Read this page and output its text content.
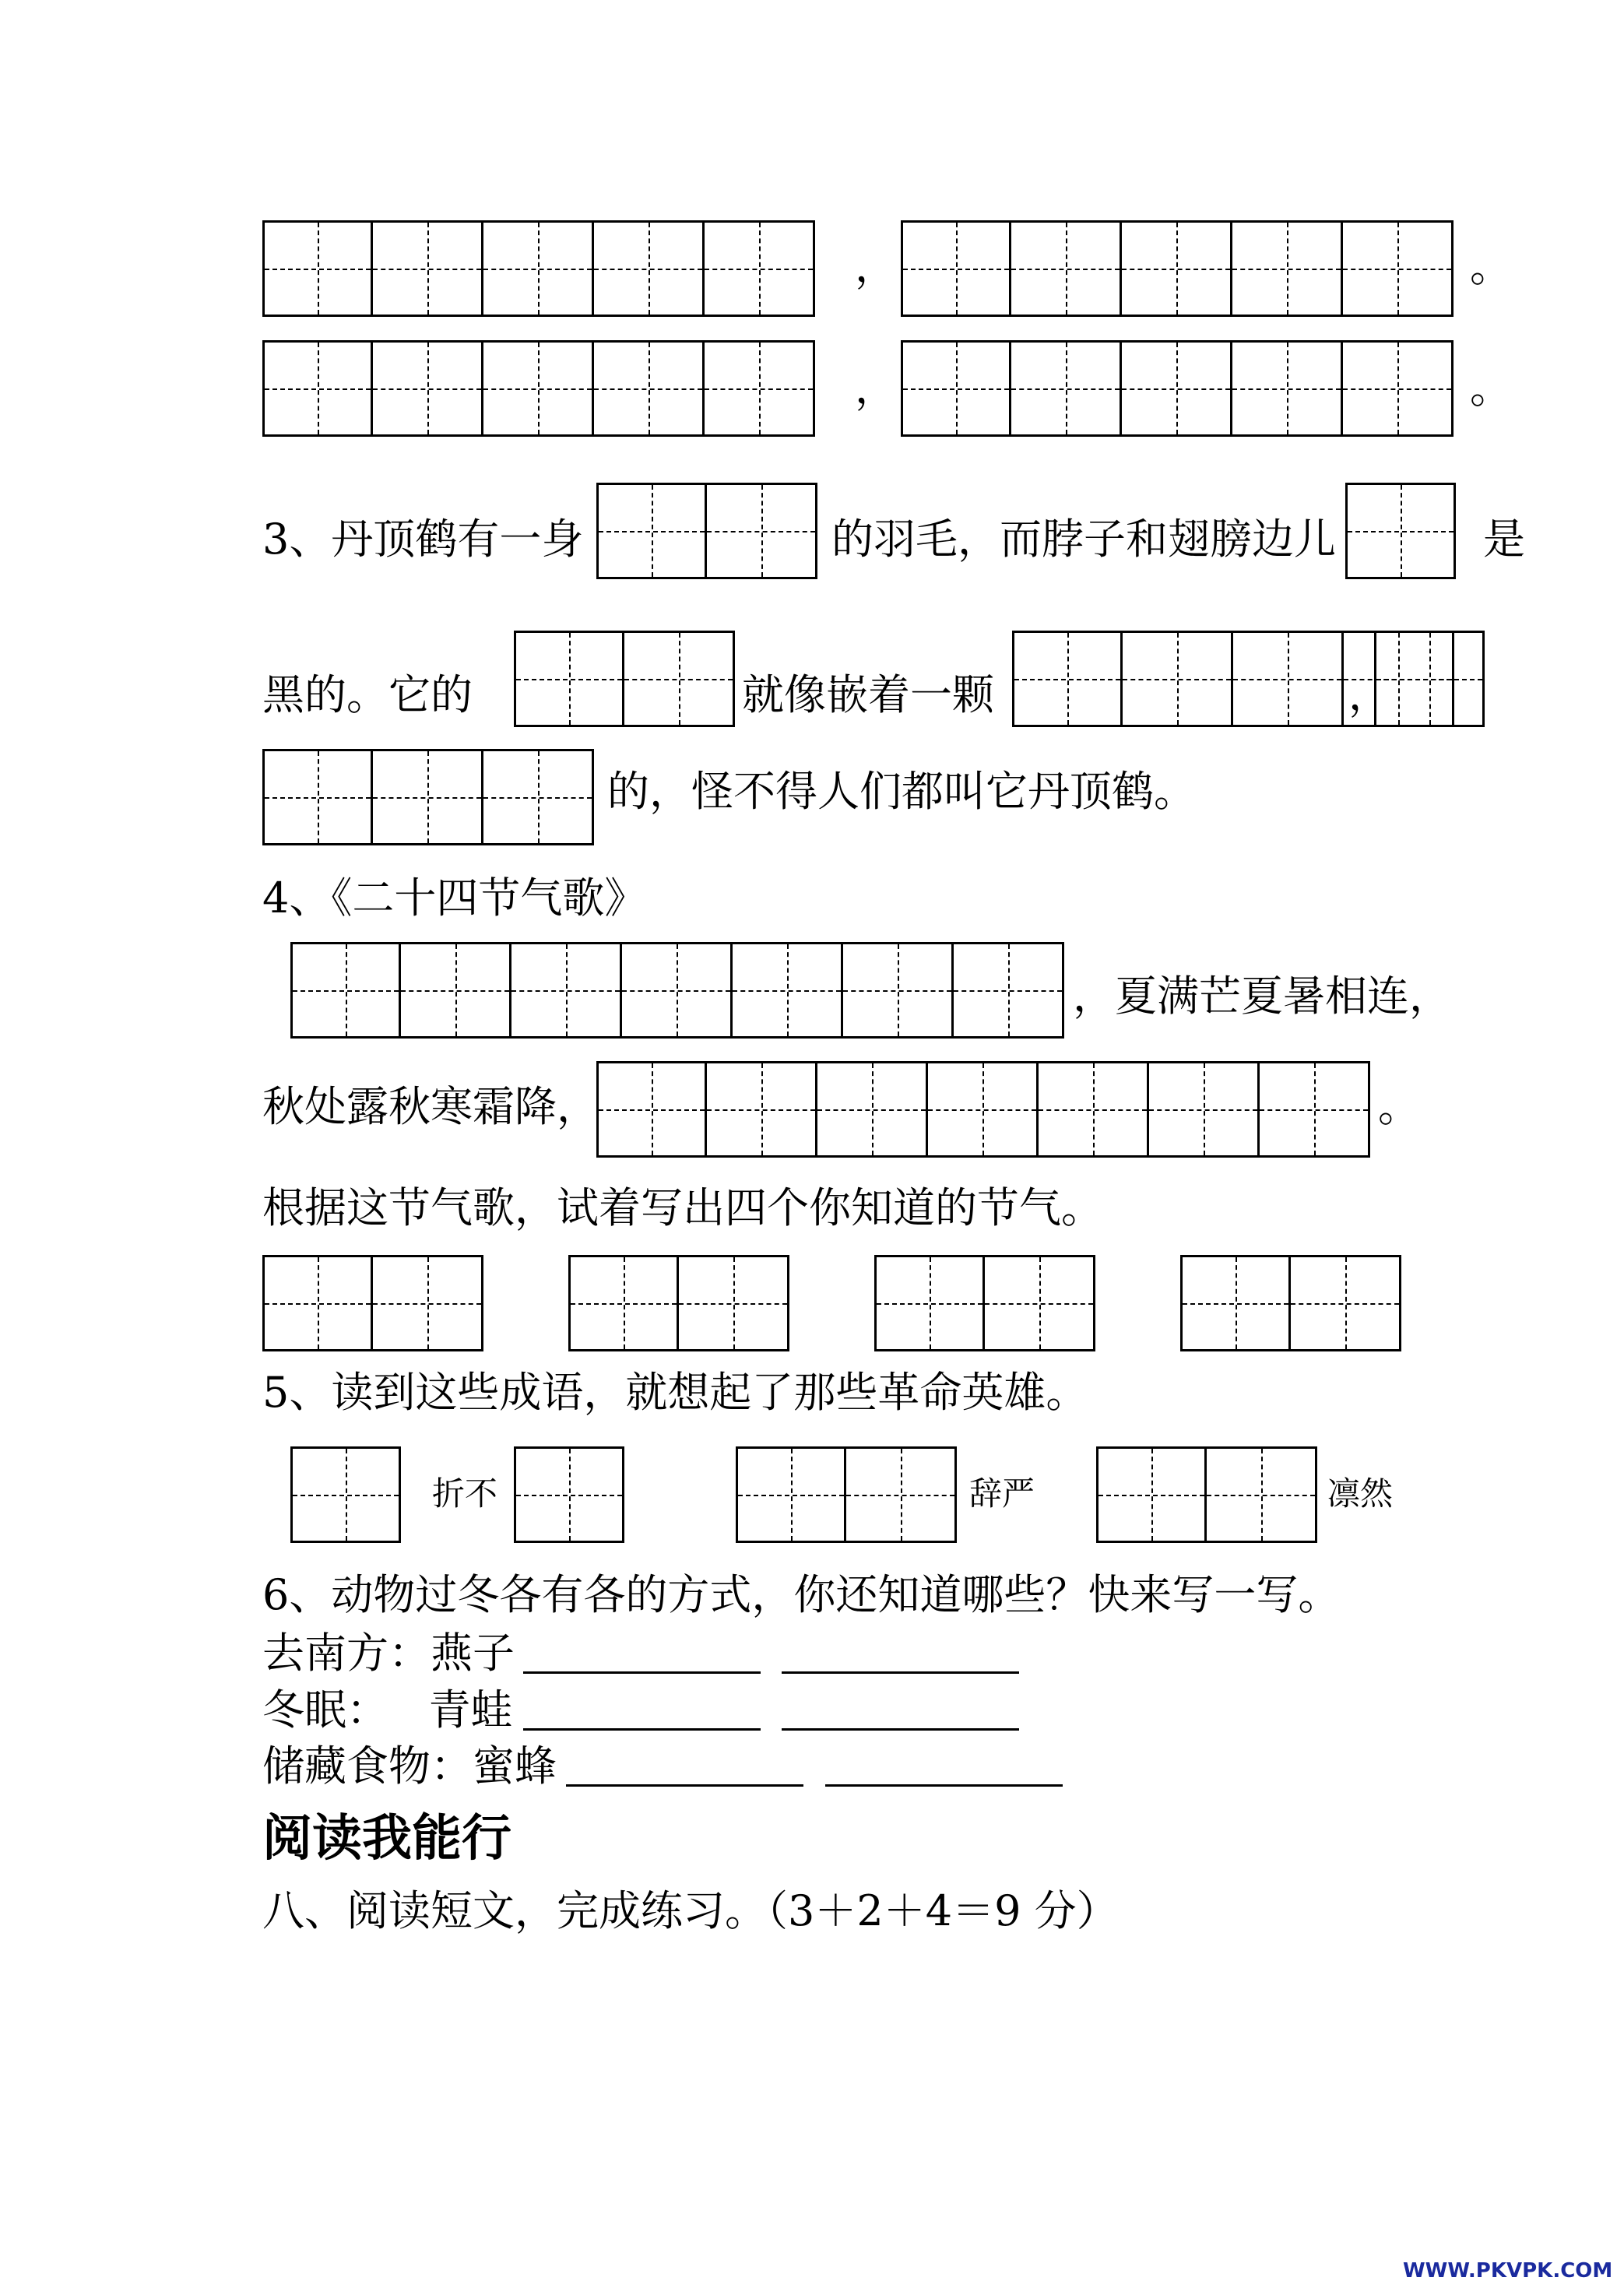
，	。
，	。
3、丹顶鹤有一身	的羽毛，而脖子和翅膀边儿	是
黑的。它的	就像嵌着一颗	，
的，怪不得人们都叫它丹顶鹤。
4、《二十四节气歌》
，夏满芒夏暑相连，
秋处露秋寒霜降，	。
根据这节气歌，试着写出四个你知道的节气。
5、读到这些成语，就想起了那些革命英雄。
折不	辞严	凛然
6、动物过冬各有各的方式，你还知道哪些？快来写一写。
去南方：燕子
冬眠：   青蛙
储藏食物：蜜蜂
阅读我能行
八、阅读短文，完成练习。（3＋2＋4＝9 分）
WWW.PKVPK.COM
